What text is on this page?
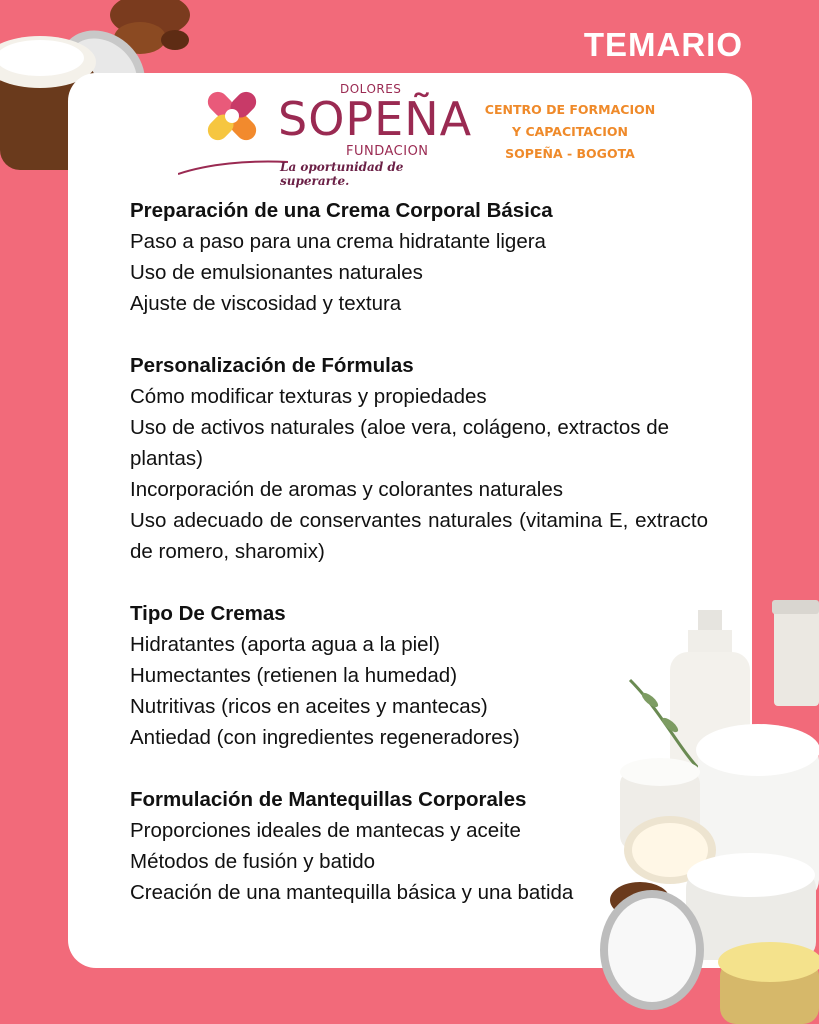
TEMARIO
DOLORES
SOPEÑA
FUNDACION
La oportunidad de superarte.
CENTRO DE FORMACION
Y CAPACITACION
SOPEÑA - BOGOTA
Preparación de una Crema Corporal Básica
Paso a paso para una crema hidratante ligera
Uso de emulsionantes naturales
Ajuste de viscosidad y textura
Personalización de Fórmulas
Cómo modificar texturas y propiedades
Uso de activos naturales (aloe vera, colágeno, extractos de plantas)
Incorporación de aromas y colorantes naturales
Uso adecuado de conservantes naturales (vitamina E, extracto de romero, sharomix)
Tipo De Cremas
Hidratantes (aporta agua a la piel)
Humectantes (retienen la humedad)
Nutritivas (ricos en aceites y mantecas)
Antiedad (con ingredientes regeneradores)
Formulación de Mantequillas Corporales
Proporciones ideales de mantecas y aceite
Métodos de fusión y batido
Creación de una mantequilla básica y una batida
